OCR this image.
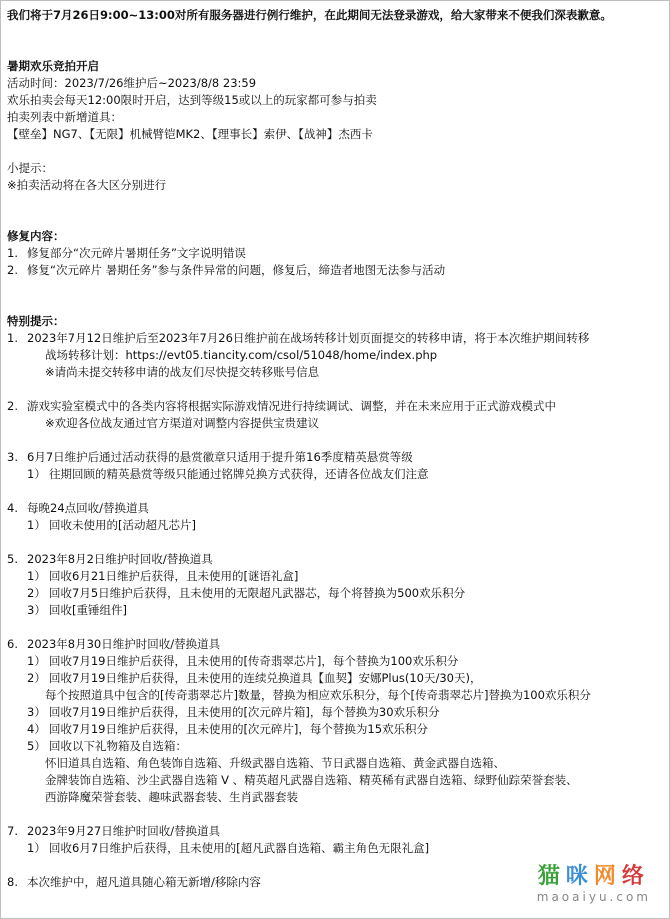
我们将于7月26日9:00~13:00对所有服务器进行例行维护，在此期间无法登录游戏，给大家带来不便我们深表歉意。
暑期欢乐竞拍开启
活动时间：2023/7/26维护后~2023/8/8 23:59
欢乐拍卖会每天12:00限时开启，达到等级15或以上的玩家都可参与拍卖
拍卖列表中新增道具：
【壁垒】NG7、【无限】机械臂铠MK2、【理事长】索伊、【战神】杰西卡
小提示：
※拍卖活动将在各大区分别进行
修复内容：
1. 修复部分“次元碎片暑期任务”文字说明错误
2. 修复“次元碎片 暑期任务”参与条件异常的问题，修复后，缔造者地图无法参与活动
特别提示：
1. 2023年7月12日维护后至2023年7月26日维护前在战场转移计划页面提交的转移申请，将于本次维护期间转移
战场转移计划：https://evt05.tiancity.com/csol/51048/home/index.php
※请尚未提交转移申请的战友们尽快提交转移账号信息
2. 游戏实验室模式中的各类内容将根据实际游戏情况进行持续调试、调整，并在未来应用于正式游戏模式中
※欢迎各位战友通过官方渠道对调整内容提供宝贵建议
3. 6月7日维护后通过活动获得的悬赏徽章只适用于提升第16季度精英悬赏等级
1） 往期回顾的精英悬赏等级只能通过铭牌兑换方式获得，还请各位战友们注意
4. 每晚24点回收/替换道具
1） 回收未使用的[活动超凡芯片]
5. 2023年8月2日维护时回收/替换道具
1） 回收6月21日维护后获得，且未使用的[谜语礼盒]
2） 回收7月5日维护后获得，且未使用的无限超凡武器芯，每个将替换为500欢乐积分
3） 回收[重锤组件]
6. 2023年8月30日维护时回收/替换道具
1） 回收7月19日维护后获得，且未使用的[传奇翡翠芯片]，每个替换为100欢乐积分
2） 回收7月19日维护后获得，且未使用的连续兑换道具【血契】安娜Plus(10天/30天)，
每个按照道具中包含的[传奇翡翠芯片]数量，替换为相应欢乐积分，每个[传奇翡翠芯片]替换为100欢乐积分
3） 回收7月19日维护后获得，且未使用的[次元碎片箱]，每个替换为30欢乐积分
4） 回收7月19日维护后获得，且未使用的[次元碎片]，每个替换为15欢乐积分
5） 回收以下礼物箱及自选箱：
怀旧道具自选箱、角色装饰自选箱、升级武器自选箱、节日武器自选箱、黄金武器自选箱、
金牌装饰自选箱、沙尘武器自选箱 V 、精英超凡武器自选箱、精英稀有武器自选箱、绿野仙踪荣誉套装、
西游降魔荣誉套装、趣味武器套装、生肖武器套装
7. 2023年9月27日维护时回收/替换道具
1） 回收6月7日维护后获得，且未使用的[超凡武器自选箱、霸主角色无限礼盒]
8. 本次维护中，超凡道具随心箱无新增/移除内容	猫咪网络
maoaiyu.com
